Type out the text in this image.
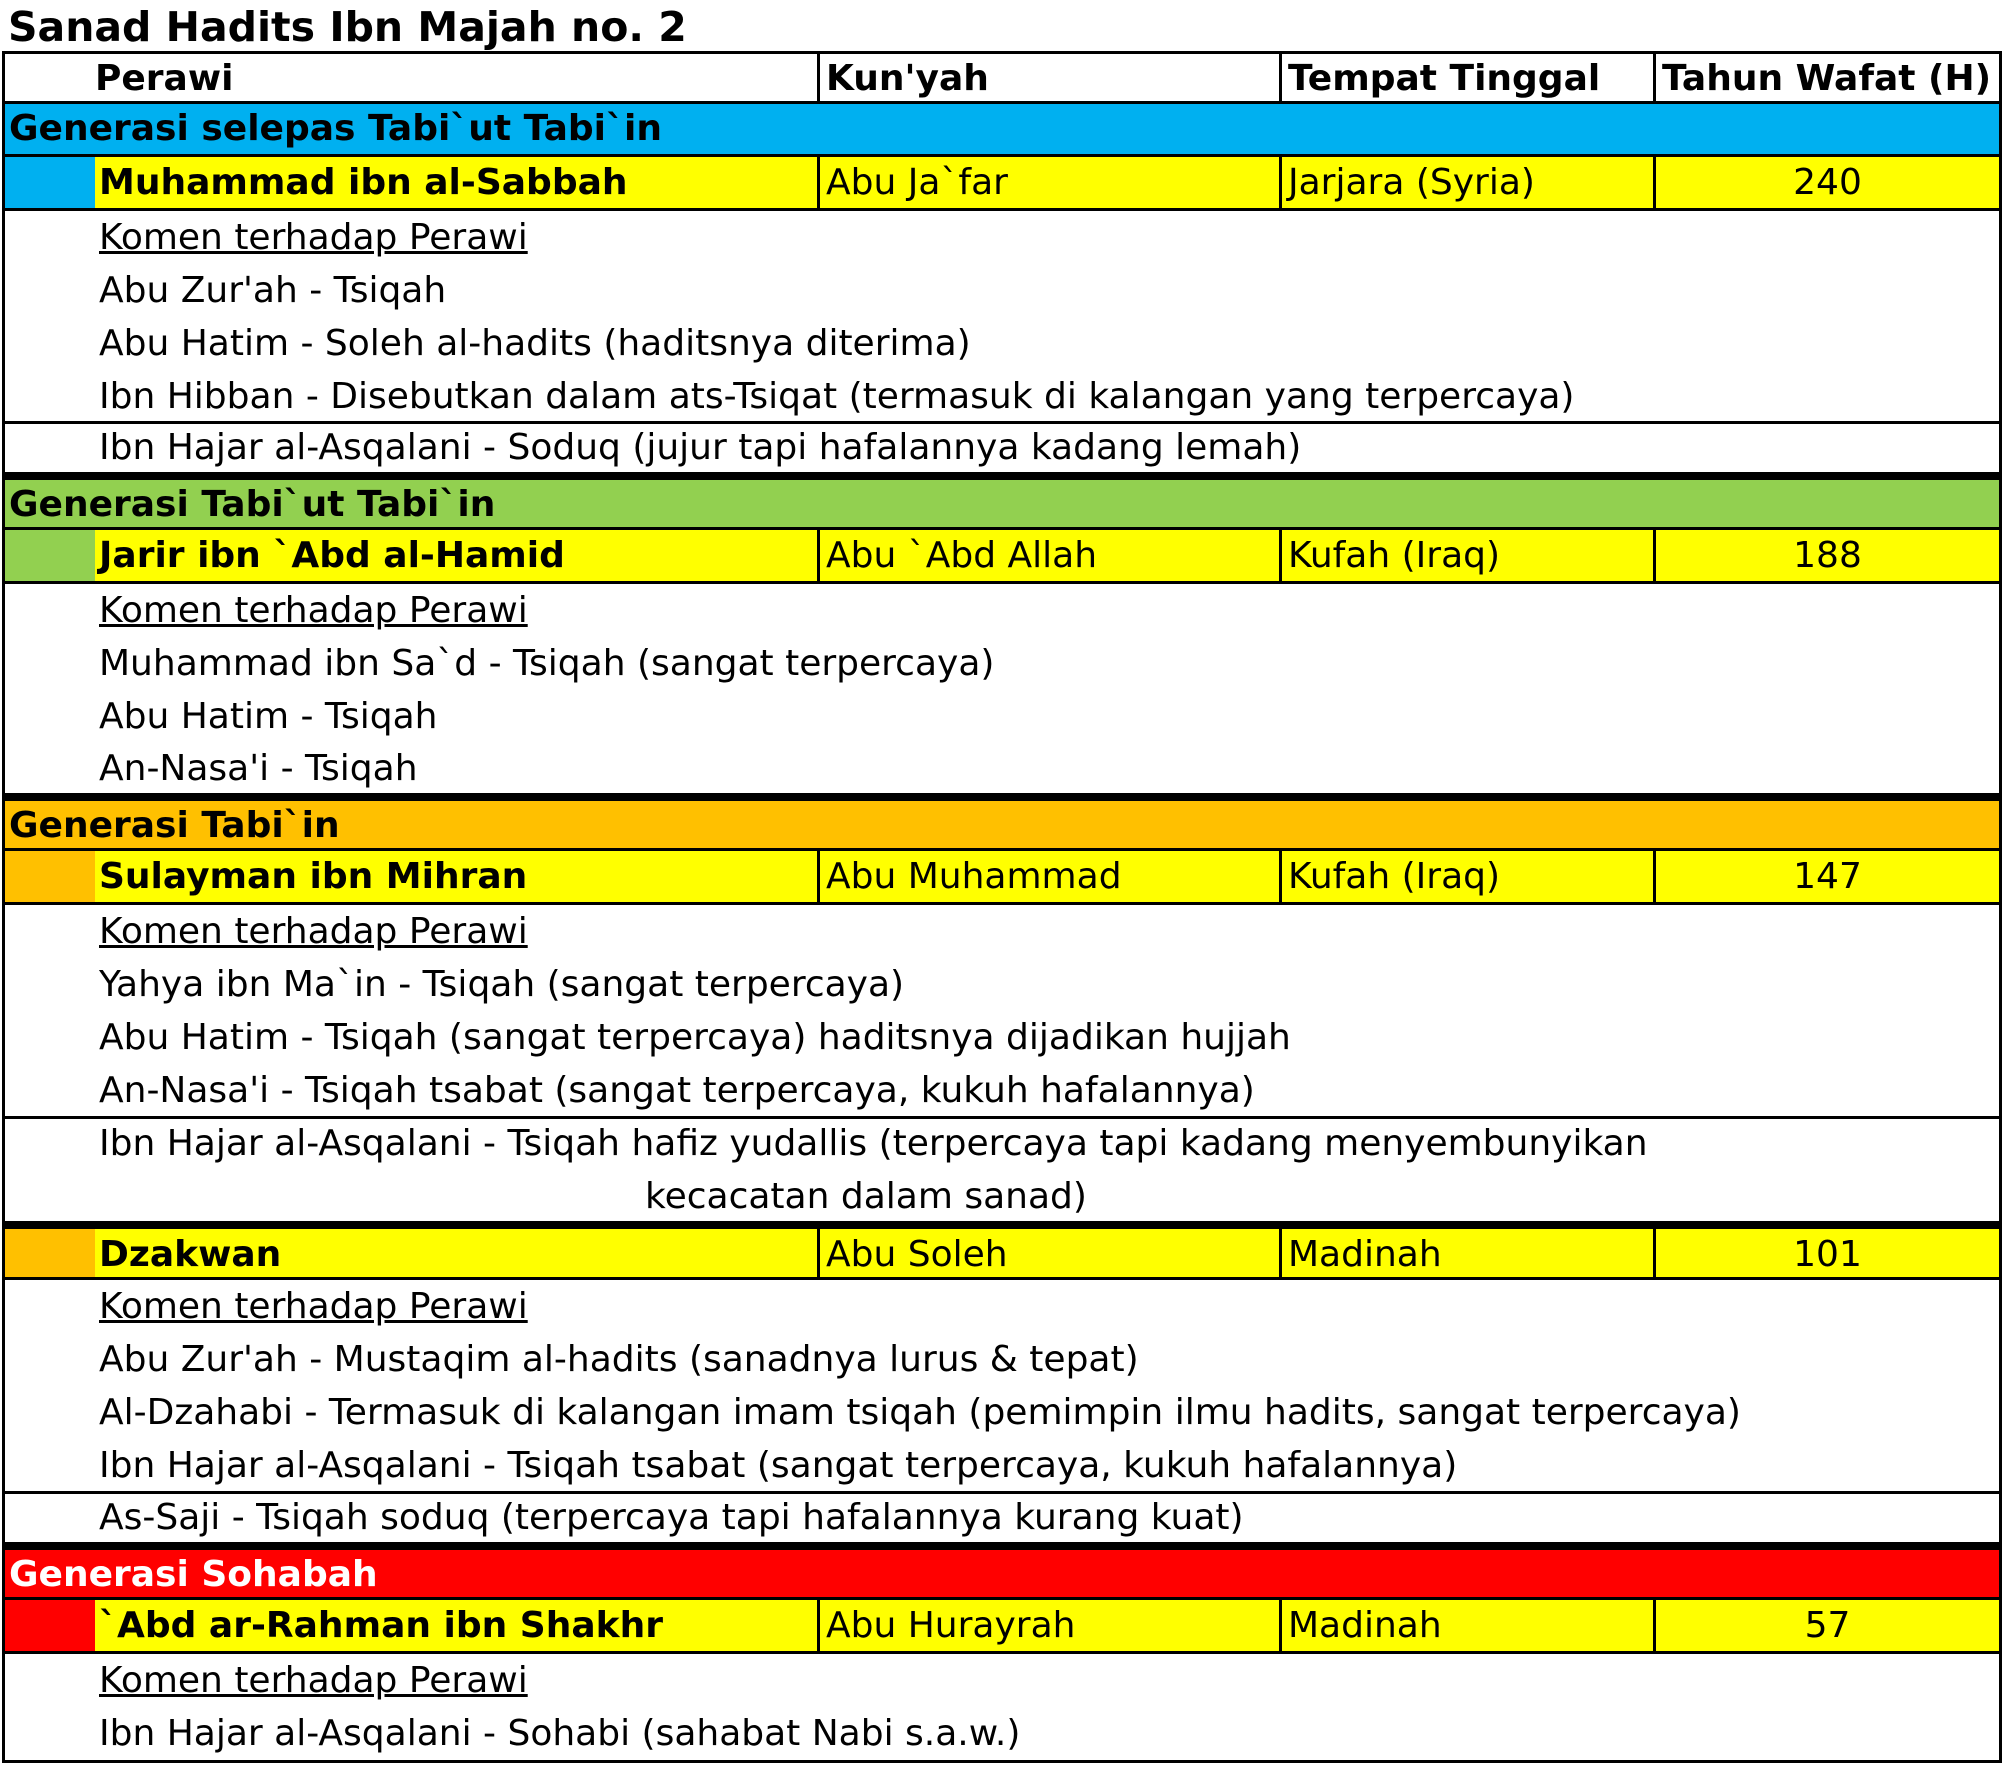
Sanad Hadits Ibn Majah no. 2
Perawi	Kun'yah	Tempat Tinggal	Tahun Wafat (H)
Generasi selepas Tabi`ut Tabi`in
Muhammad ibn al-Sabbah	Abu Ja`far	Jarjara (Syria)	240
Komen terhadap Perawi
Abu Zur'ah - Tsiqah
Abu Hatim - Soleh al-hadits (haditsnya diterima)
Ibn Hibban - Disebutkan dalam ats-Tsiqat (termasuk di kalangan yang terpercaya)
Ibn Hajar al-Asqalani - Soduq (jujur tapi hafalannya kadang lemah)
Generasi Tabi`ut Tabi`in
Jarir ibn `Abd al-Hamid	Abu `Abd Allah	Kufah (Iraq)	188
Komen terhadap Perawi
Muhammad ibn Sa`d - Tsiqah (sangat terpercaya)
Abu Hatim - Tsiqah
An-Nasa'i - Tsiqah
Generasi Tabi`in
Sulayman ibn Mihran	Abu Muhammad	Kufah (Iraq)	147
Komen terhadap Perawi
Yahya ibn Ma`in - Tsiqah (sangat terpercaya)
Abu Hatim - Tsiqah (sangat terpercaya) haditsnya dijadikan hujjah
An-Nasa'i - Tsiqah tsabat (sangat terpercaya, kukuh hafalannya)
Ibn Hajar al-Asqalani - Tsiqah hafiz yudallis (terpercaya tapi kadang menyembunyikan
kecacatan dalam sanad)
Dzakwan	Abu Soleh	Madinah	101
Komen terhadap Perawi
Abu Zur'ah - Mustaqim al-hadits (sanadnya lurus & tepat)
Al-Dzahabi - Termasuk di kalangan imam tsiqah (pemimpin ilmu hadits, sangat terpercaya)
Ibn Hajar al-Asqalani - Tsiqah tsabat (sangat terpercaya, kukuh hafalannya)
As-Saji - Tsiqah soduq (terpercaya tapi hafalannya kurang kuat)
Generasi Sohabah
`Abd ar-Rahman ibn Shakhr	Abu Hurayrah	Madinah	57
Komen terhadap Perawi
Ibn Hajar al-Asqalani - Sohabi (sahabat Nabi s.a.w.)
